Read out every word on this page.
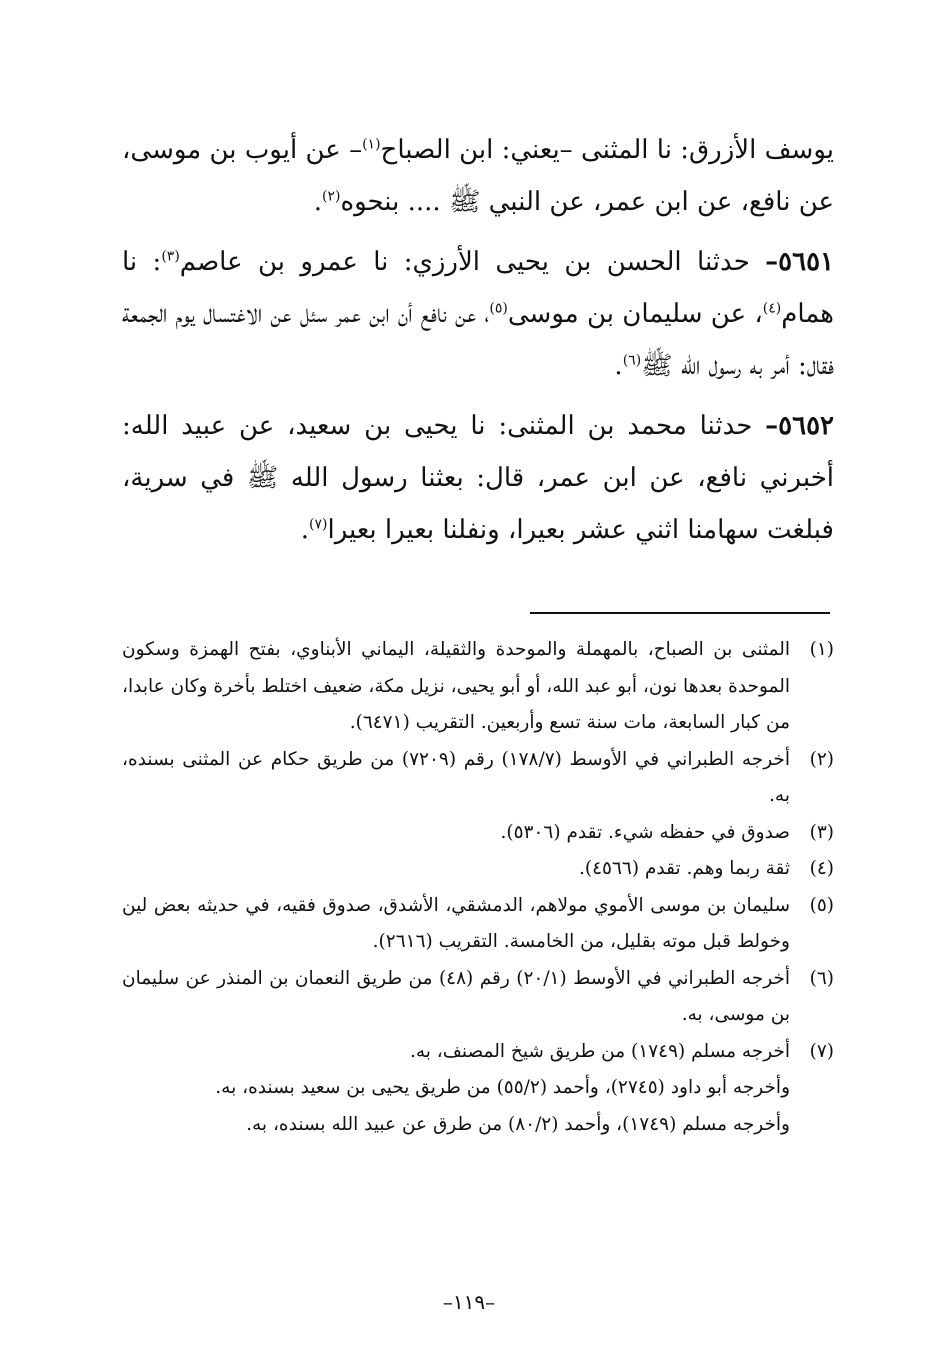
يوسف الأزرق: نا المثنى –يعني: ابن الصباح$^{(١)}$– عن أيوب بن موسى، عن نافع، عن ابن عمر، عن النبي ﷺ .... بنحوه$^{(٢)}$.

٥٦٥١– حدثنا الحسن بن يحيى الأرزي: نا عمرو بن عاصم$^{(٣)}$: نا همام$^{(٤)}$، عن سليمان بن موسى$^{(٥)}$، عن نافع أن ابن عمر سئل عن الاغتسال يوم الجمعة فقال: أمر به رسول الله ﷺ$^{(٦)}$.

٥٦٥٢– حدثنا محمد بن المثنى: نا يحيى بن سعيد، عن عبيد الله: أخبرني نافع، عن ابن عمر، قال: بعثنا رسول الله ﷺ في سرية، فبلغت سهامنا اثني عشر بعيرا، ونفلنا بعيرا بعيرا$^{(٧)}$.

(١)
المثنى بن الصباح، بالمهملة والموحدة والثقيلة، اليماني الأبناوي، بفتح الهمزة وسكون الموحدة بعدها نون، أبو عبد الله، أو أبو يحيى، نزيل مكة، ضعيف اختلط بأخرة وكان عابدا، من كبار السابعة، مات سنة تسع وأربعين. التقريب (٦٤٧١).
(٢)
أخرجه الطبراني في الأوسط (١٧٨/٧) رقم (٧٢٠٩) من طريق حكام عن المثنى بسنده، به.
(٣)
صدوق في حفظه شيء. تقدم (٥٣٠٦).
(٤)
ثقة ربما وهم. تقدم (٤٥٦٦).
(٥)
سليمان بن موسى الأموي مولاهم، الدمشقي، الأشدق، صدوق فقيه، في حديثه بعض لين وخولط قبل موته بقليل، من الخامسة. التقريب (٢٦١٦).
(٦)
أخرجه الطبراني في الأوسط (٢٠/١) رقم (٤٨) من طريق النعمان بن المنذر عن سليمان بن موسى، به.
(٧)
أخرجه مسلم (١٧٤٩) من طريق شيخ المصنف، به.
وأخرجه أبو داود (٢٧٤٥)، وأحمد (٥٥/٢) من طريق يحيى بن سعيد بسنده، به.
وأخرجه مسلم (١٧٤٩)، وأحمد (٨٠/٢) من طرق عن عبيد الله بسنده، به.
–١١٩–
